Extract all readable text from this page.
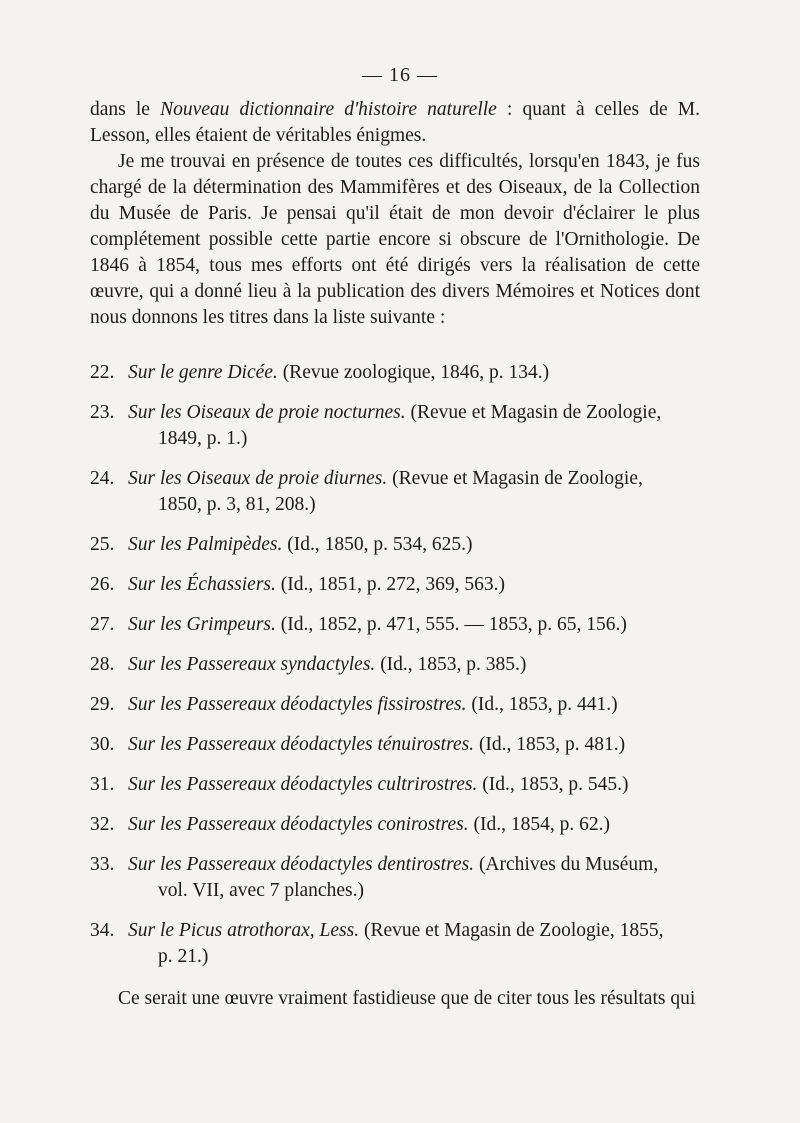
— 16 —

dans le Nouveau dictionnaire d'histoire naturelle : quant à celles de M. Lesson, elles étaient de véritables énigmes.

Je me trouvai en présence de toutes ces difficultés, lorsqu'en 1843, je fus chargé de la détermination des Mammifères et des Oiseaux, de la Collection du Musée de Paris. Je pensai qu'il était de mon devoir d'éclairer le plus complétement possible cette partie encore si obscure de l'Ornithologie. De 1846 à 1854, tous mes efforts ont été dirigés vers la réalisation de cette œuvre, qui a donné lieu à la publication des divers Mémoires et Notices dont nous donnons les titres dans la liste suivante :

22. Sur le genre Dicée. (Revue zoologique, 1846, p. 134.)
23. Sur les Oiseaux de proie nocturnes. (Revue et Magasin de Zoologie,
1849, p. 1.)
24. Sur les Oiseaux de proie diurnes. (Revue et Magasin de Zoologie,
1850, p. 3, 81, 208.)
25. Sur les Palmipèdes. (Id., 1850, p. 534, 625.)
26. Sur les Échassiers. (Id., 1851, p. 272, 369, 563.)
27. Sur les Grimpeurs. (Id., 1852, p. 471, 555. — 1853, p. 65, 156.)
28. Sur les Passereaux syndactyles. (Id., 1853, p. 385.)
29. Sur les Passereaux déodactyles fissirostres. (Id., 1853, p. 441.)
30. Sur les Passereaux déodactyles ténuirostres. (Id., 1853, p. 481.)
31. Sur les Passereaux déodactyles cultrirostres. (Id., 1853, p. 545.)
32. Sur les Passereaux déodactyles conirostres. (Id., 1854, p. 62.)
33. Sur les Passereaux déodactyles dentirostres. (Archives du Muséum,
vol. VII, avec 7 planches.)
34. Sur le Picus atrothorax, Less. (Revue et Magasin de Zoologie, 1855,
p. 21.)

Ce serait une œuvre vraiment fastidieuse que de citer tous les résultats qui
